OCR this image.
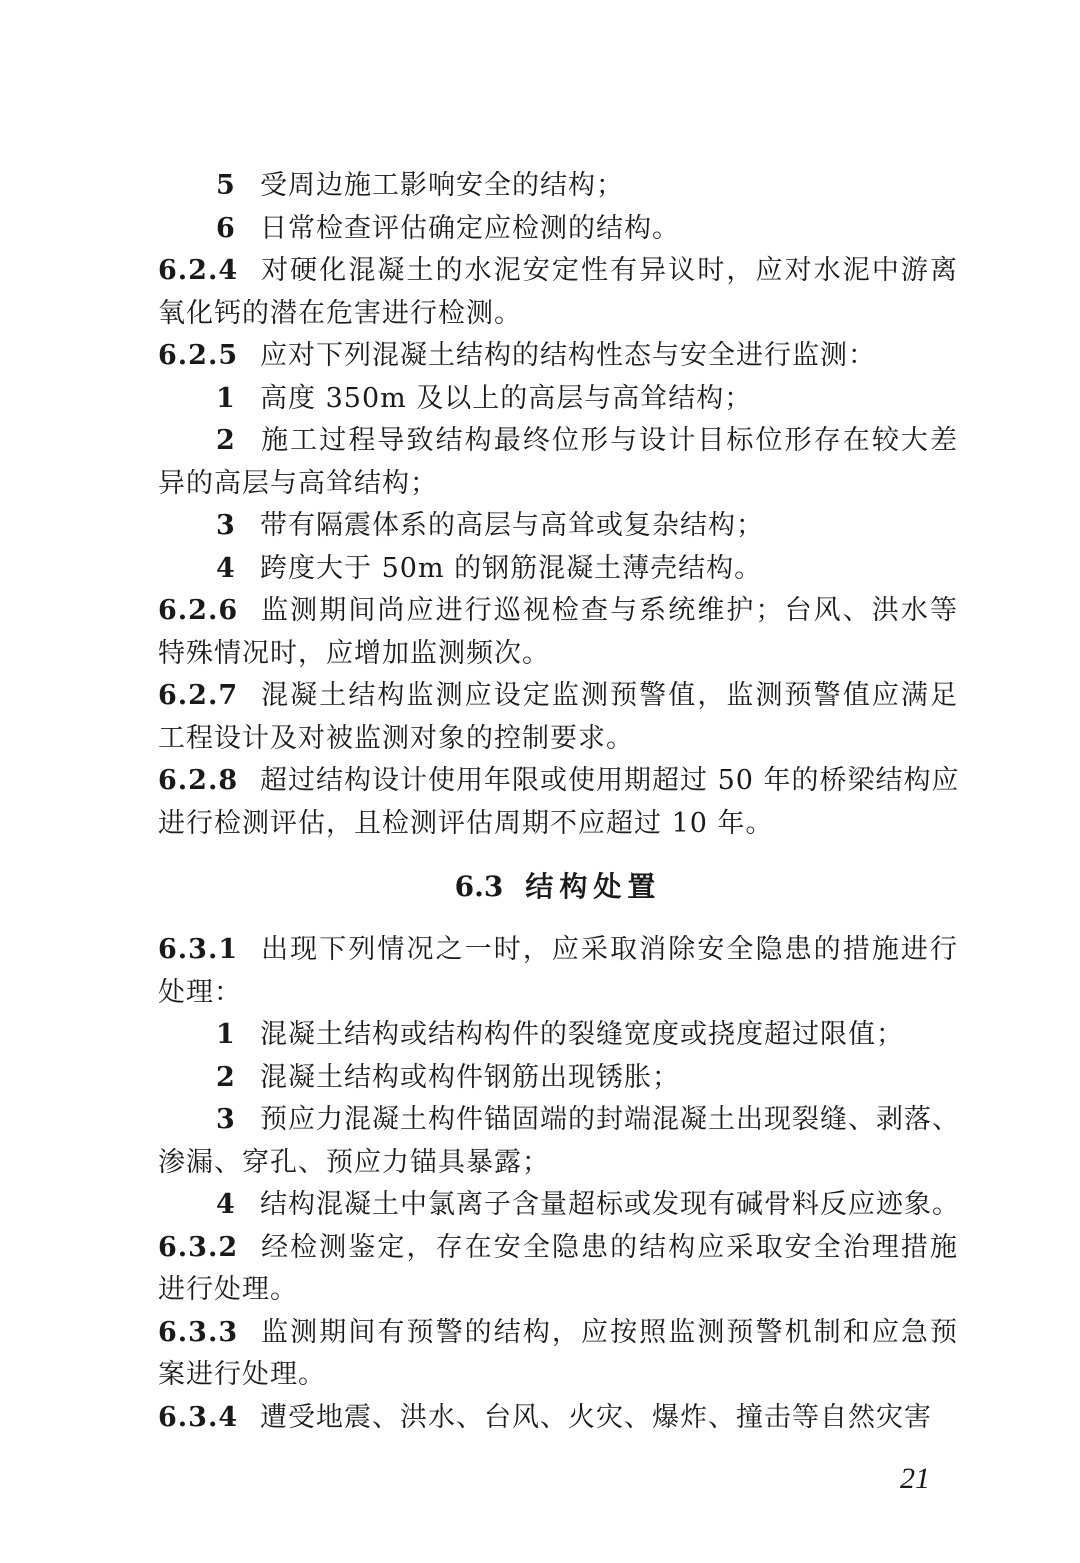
5 受周边施工影响安全的结构；
6 日常检查评估确定应检测的结构。
6.2.4 对硬化混凝土的水泥安定性有异议时，应对水泥中游离
氧化钙的潜在危害进行检测。
6.2.5 应对下列混凝土结构的结构性态与安全进行监测：
1 高度 350m 及以上的高层与高耸结构；
2 施工过程导致结构最终位形与设计目标位形存在较大差
异的高层与高耸结构；
3 带有隔震体系的高层与高耸或复杂结构；
4 跨度大于 50m 的钢筋混凝土薄壳结构。
6.2.6 监测期间尚应进行巡视检查与系统维护；台风、洪水等
特殊情况时，应增加监测频次。
6.2.7 混凝土结构监测应设定监测预警值，监测预警值应满足
工程设计及对被监测对象的控制要求。
6.2.8 超过结构设计使用年限或使用期超过 50 年的桥梁结构应
进行检测评估，且检测评估周期不应超过 10 年。
6.3 结构处置
6.3.1 出现下列情况之一时，应采取消除安全隐患的措施进行
处理：
1 混凝土结构或结构构件的裂缝宽度或挠度超过限值；
2 混凝土结构或构件钢筋出现锈胀；
3 预应力混凝土构件锚固端的封端混凝土出现裂缝、剥落、
渗漏、穿孔、预应力锚具暴露；
4 结构混凝土中氯离子含量超标或发现有碱骨料反应迹象。
6.3.2 经检测鉴定，存在安全隐患的结构应采取安全治理措施
进行处理。
6.3.3 监测期间有预警的结构，应按照监测预警机制和应急预
案进行处理。
6.3.4 遭受地震、洪水、台风、火灾、爆炸、撞击等自然灾害
21
